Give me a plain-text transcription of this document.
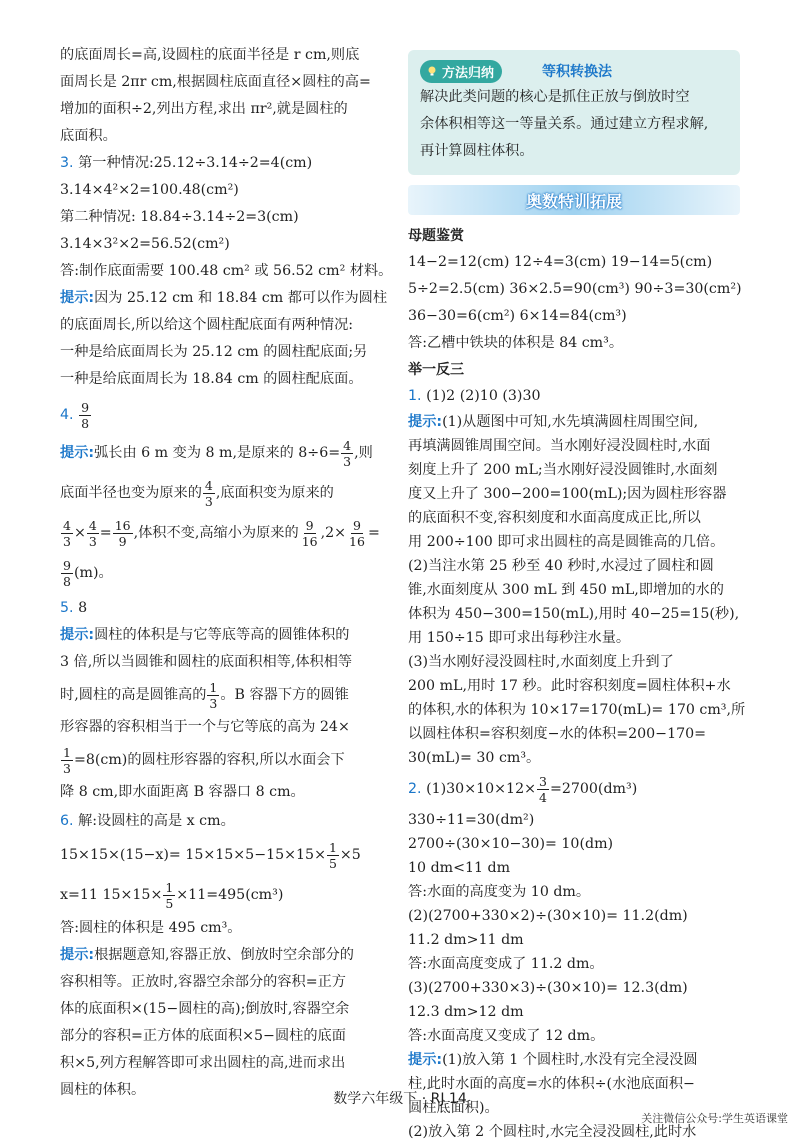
的底面周长=高,设圆柱的底面半径是 r cm,则底
面周长是 2πr cm,根据圆柱底面直径×圆柱的高=
增加的面积÷2,列出方程,求出 πr²,就是圆柱的
底面积。
3. 第一种情况:25.12÷3.14÷2=4(cm)
3.14×4²×2=100.48(cm²)
第二种情况: 18.84÷3.14÷2=3(cm)
3.14×3²×2=56.52(cm²)
答:制作底面需要 100.48 cm² 或 56.52 cm² 材料。
提示:因为 25.12 cm 和 18.84 cm 都可以作为圆柱
的底面周长,所以给这个圆柱配底面有两种情况:
一种是给底面周长为 25.12 cm 的圆柱配底面;另
一种是给底面周长为 18.84 cm 的圆柱配底面。
4.
$\frac{9}{8}$
提示: 弧长由 6 m 变为 8 m,是原来的 $8\div 6= \frac{4}{3}$ ,则
底面半径也变为原来的 $\frac{4}{3}$ ,底面积变为原来的
$\frac{4}{3} \times \frac{4}{3} = \frac{16}{9}$ ,体积不变,高缩小为原来的 $\frac{9}{16} ,2\times \frac{9}{16}$ =
$\frac{9}{8} (m)$。
5. 8
提示:圆柱的体积是与它等底等高的圆锥体积的
3 倍,所以当圆锥和圆柱的底面积相等,体积相等
时,圆柱的高是圆锥高的 $\frac{1}{3}$ 。B 容器下方的圆锥
形容器的容积相当于一个与它等底的高为 24×
$\frac{1}{3} =8(cm)$的圆柱形容器的容积,所以水面会下
降 8 cm,即水面距离 B 容器口 8 cm。
6. 解:设圆柱的高是 x cm。
$15\times 15\times(15-x)= 15\times 15\times 5-15\times 15\times \frac{1}{5} \times 5$
x=11 $15\times 15\times \frac{1}{5} \times 11=495(cm^3)$
答:圆柱的体积是 495 cm³。
提示:根据题意知,容器正放、倒放时空余部分的
容积相等。正放时,容器空余部分的容积=正方
体的底面积×(15−圆柱的高);倒放时,容器空余
部分的容积=正方体的底面积×5−圆柱的底面
积×5,列方程解答即可求出圆柱的高,进而求出
圆柱的体积。
方法归纳	等积转换法
解决此类问题的核心是抓住正放与倒放时空
余体积相等这一等量关系。通过建立方程求解,
再计算圆柱体积。
奥数特训拓展
母题鉴赏
14−2=12(cm) 12÷4=3(cm) 19−14=5(cm)
5÷2=2.5(cm) 36×2.5=90(cm³) 90÷3=30(cm²)
36−30=6(cm²) 6×14=84(cm³)
答:乙槽中铁块的体积是 84 cm³。
举一反三
1. (1)2 (2)10 (3)30
提示:(1)从题图中可知,水先填满圆柱周围空间,
再填满圆锥周围空间。当水刚好浸没圆柱时,水面
刻度上升了 200 mL;当水刚好浸没圆锥时,水面刻
度又上升了 300−200=100(mL);因为圆柱形容器
的底面积不变,容积刻度和水面高度成正比,所以
用 200÷100 即可求出圆柱的高是圆锥高的几倍。
(2)当注水第 25 秒至 40 秒时,水浸过了圆柱和圆
锥,水面刻度从 300 mL 到 450 mL,即增加的水的
体积为 450−300=150(mL),用时 40−25=15(秒),
用 150÷15 即可求出每秒注水量。
(3)当水刚好浸没圆柱时,水面刻度上升到了
200 mL,用时 17 秒。此时容积刻度=圆柱体积+水
的体积,水的体积为 10×17=170(mL)= 170 cm³,所
以圆柱体积=容积刻度−水的体积=200−170=
30(mL)= 30 cm³。
2.
$(1)30\times 10\times 12\times \frac{3}{4} =2700(dm^3)$
330÷11=30(dm²)
2700÷(30×10−30)= 10(dm)
10 dm<11 dm
答:水面的高度变为 10 dm。
(2)(2700+330×2)÷(30×10)= 11.2(dm)
11.2 dm>11 dm
答:水面高度变成了 11.2 dm。
(3)(2700+330×3)÷(30×10)= 12.3(dm)
12.3 dm>12 dm
答:水面高度又变成了 12 dm。
提示:(1)放入第 1 个圆柱时,水没有完全浸没圆
柱,此时水面的高度=水的体积÷(水池底面积−
圆柱底面积)。
(2)放入第 2 个圆柱时,水完全浸没圆柱,此时水
数学六年级下 · RJ 14
关注微信公众号:学生英语课堂
